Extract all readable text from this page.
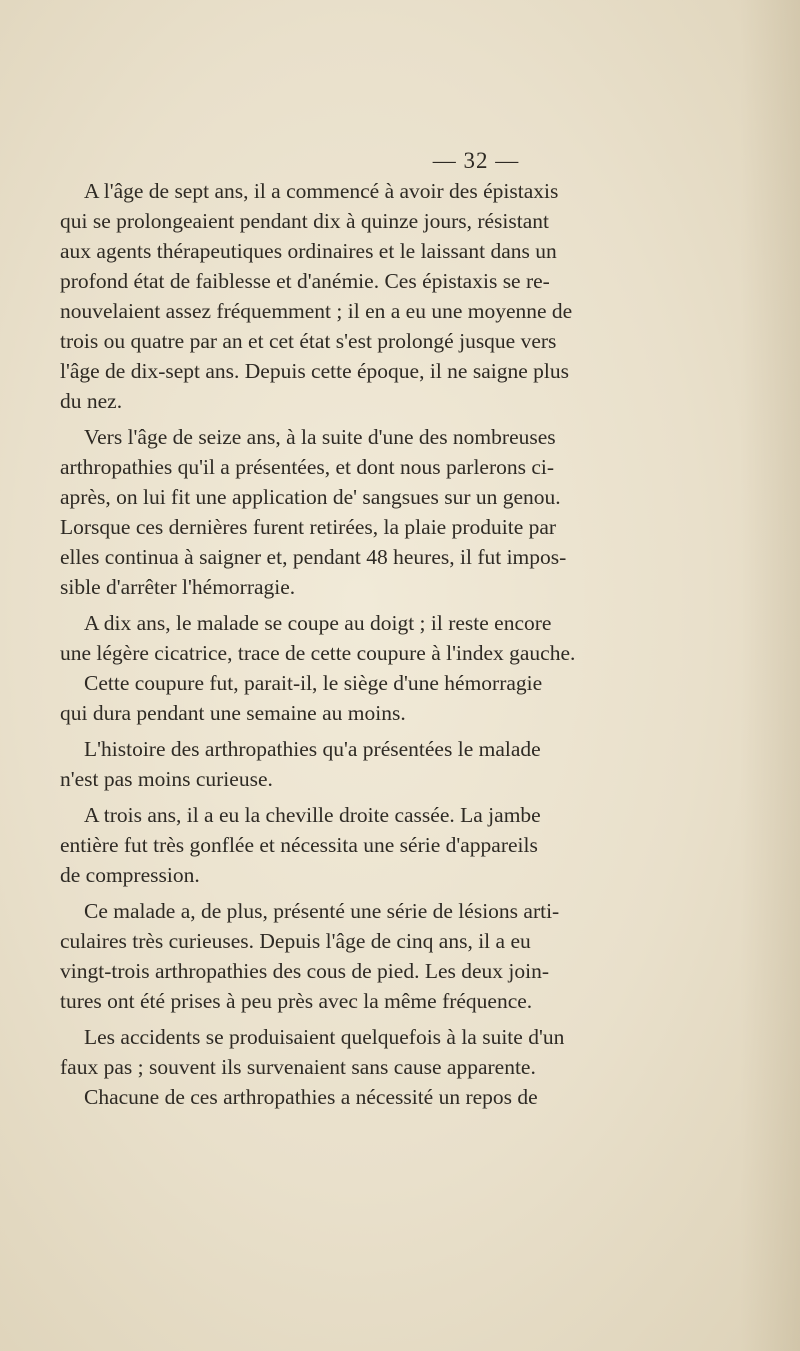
— 32 —
A l'âge de sept ans, il a commencé à avoir des épistaxis
qui se prolongeaient pendant dix à quinze jours, résistant
aux agents thérapeutiques ordinaires et le laissant dans un
profond état de faiblesse et d'anémie. Ces épistaxis se re-
nouvelaient assez fréquemment ; il en a eu une moyenne de
trois ou quatre par an et cet état s'est prolongé jusque vers
l'âge de dix-sept ans. Depuis cette époque, il ne saigne plus
du nez.
Vers l'âge de seize ans, à la suite d'une des nombreuses
arthropathies qu'il a présentées, et dont nous parlerons ci-
après, on lui fit une application de' sangsues sur un genou.
Lorsque ces dernières furent retirées, la plaie produite par
elles continua à saigner et, pendant 48 heures, il fut impos-
sible d'arrêter l'hémorragie.
A dix ans, le malade se coupe au doigt ; il reste encore
une légère cicatrice, trace de cette coupure à l'index gauche.
Cette coupure fut, parait-il, le siège d'une hémorragie
qui dura pendant une semaine au moins.
L'histoire des arthropathies qu'a présentées le malade
n'est pas moins curieuse.
A trois ans, il a eu la cheville droite cassée. La jambe
entière fut très gonflée et nécessita une série d'appareils
de compression.
Ce malade a, de plus, présenté une série de lésions arti-
culaires très curieuses. Depuis l'âge de cinq ans, il a eu
vingt-trois arthropathies des cous de pied. Les deux join-
tures ont été prises à peu près avec la même fréquence.
Les accidents se produisaient quelquefois à la suite d'un
faux pas ; souvent ils survenaient sans cause apparente.
Chacune de ces arthropathies a nécessité un repos de
